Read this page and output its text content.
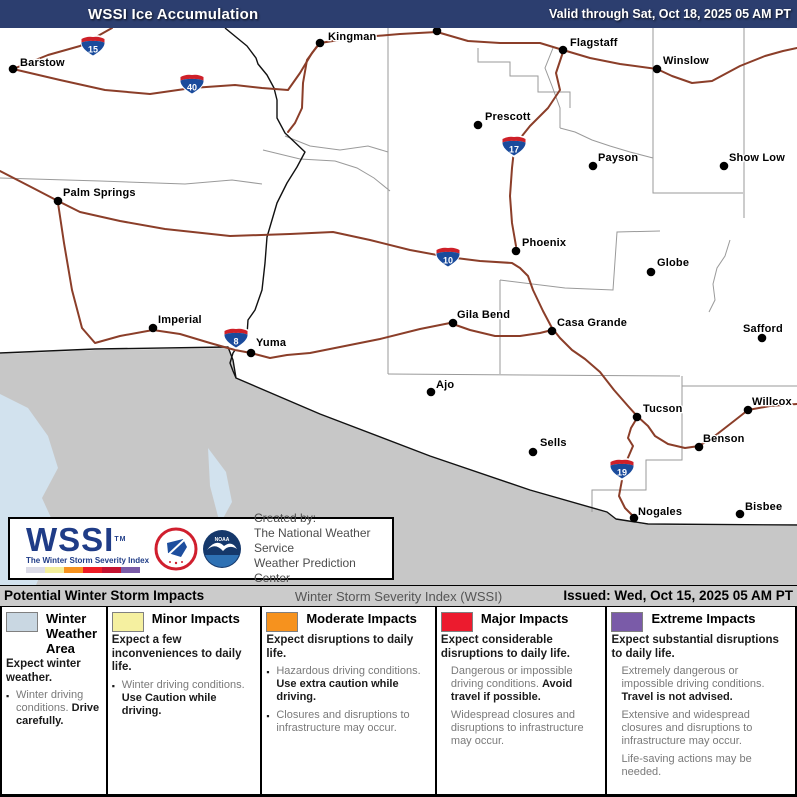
WSSI Ice Accumulation	Valid through Sat, Oct 18, 2025 05 AM PT
15
40
17
10
8
19
Barstow
Kingman	Flagstaff
Winslow
Prescott
Payson	Show Low
Palm Springs
Phoenix
Globe
Imperial
Yuma
Gila Bend
Casa Grande	Safford
Ajo
Tucson
Willcox
Benson
Sells
Bisbee
Nogales
WSSI™
The Winter Storm Severity Index
NOAA
Created by:
The National Weather Service
Weather Prediction Center
Potential Winter Storm Impacts	Winter Storm Severity Index (WSSI)	Issued: Wed, Oct 15, 2025 05 AM PT
Winter Weather Area
Expect winter weather.
▪ Winter driving conditions. Drive carefully.
Minor Impacts
Expect a few inconveniences to daily life.
▪ Winter driving conditions. Use Caution while driving.
Moderate Impacts
Expect disruptions to daily life.
▪ Hazardous driving conditions. Use extra caution while driving.
▪ Closures and disruptions to infrastructure may occur.
Major Impacts
Expect considerable disruptions to daily life.
Dangerous or impossible driving conditions. Avoid travel if possible.
Widespread closures and disruptions to infrastructure may occur.
Extreme Impacts
Expect substantial disruptions to daily life.
Extremely dangerous or impossible driving conditions. Travel is not advised.
Extensive and widespread closures and disruptions to infrastructure may occur.
Life-saving actions may be needed.
